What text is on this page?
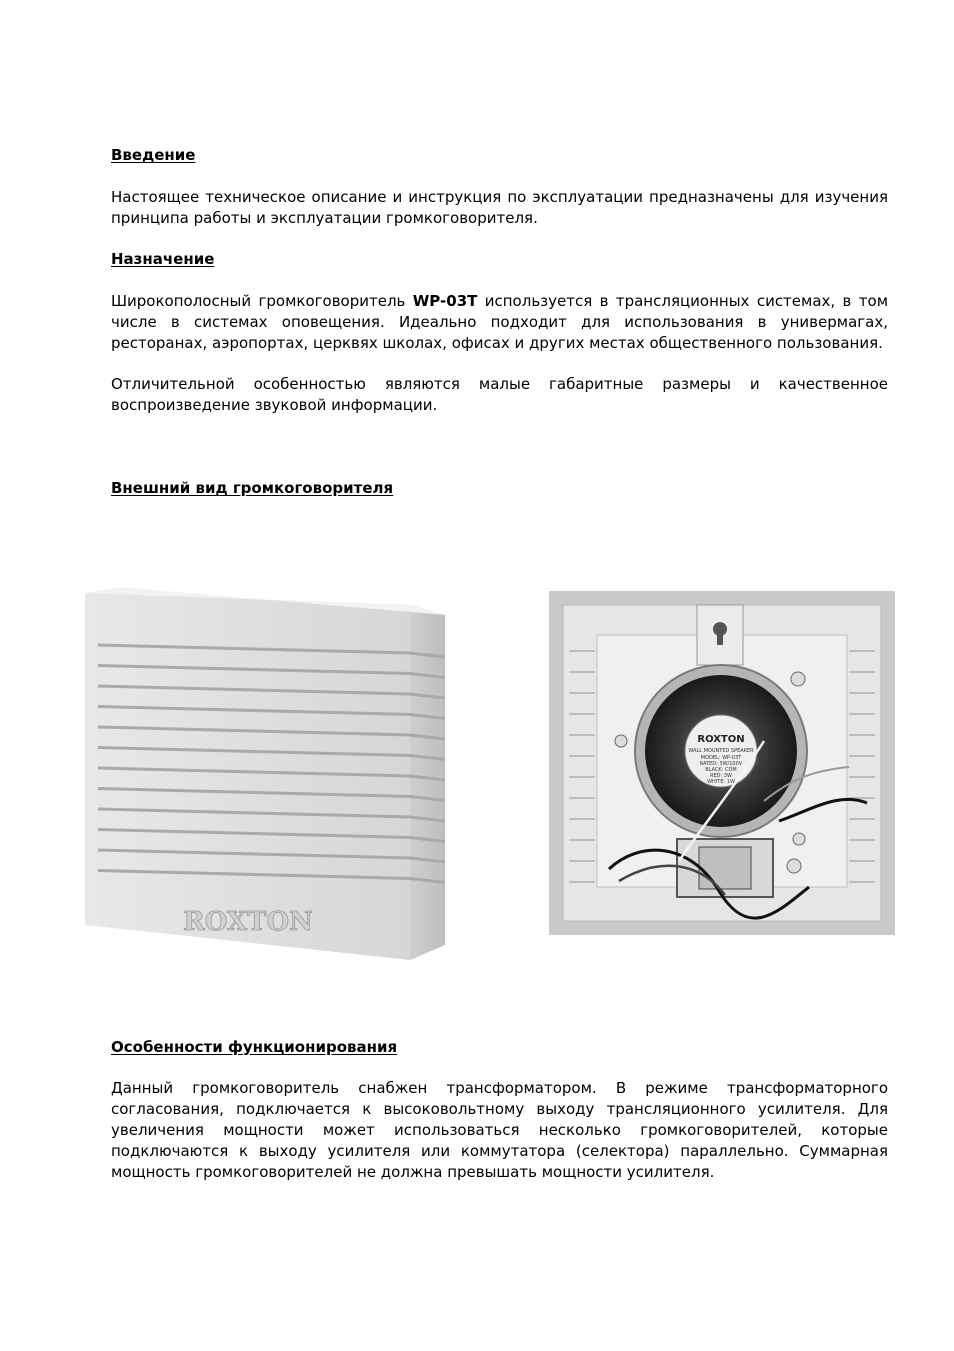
Введение

Настоящее техническое описание и инструкция по эксплуатации предназначены для изучения принципа работы и эксплуатации громкоговорителя.

Назначение

Широкополосный громкоговоритель WP-03T используется в трансляционных системах, в том числе в системах оповещения. Идеально подходит для использования в универмагах, ресторанах, аэропортах, церквях школах, офисах и других местах общественного пользования.

Отличительной особенностью являются малые габаритные размеры и качественное воспроизведение звуковой информации.

Внешний вид громкоговорителя
ROXTON
ROXTON
WALL MOUNTED SPEAKER
MODEL: WP-03T
RATED: 3W/100V
BLACK: COM
RED: 3W
WHITE: 1W
Особенности функционирования

Данный громкоговоритель снабжен трансформатором. В режиме трансформаторного согласования, подключается к высоковольтному выходу трансляционного усилителя. Для увеличения мощности может использоваться несколько громкоговорителей, которые подключаются к выходу усилителя или коммутатора (селектора) параллельно. Суммарная мощность громкоговорителей не должна превышать мощности усилителя.
